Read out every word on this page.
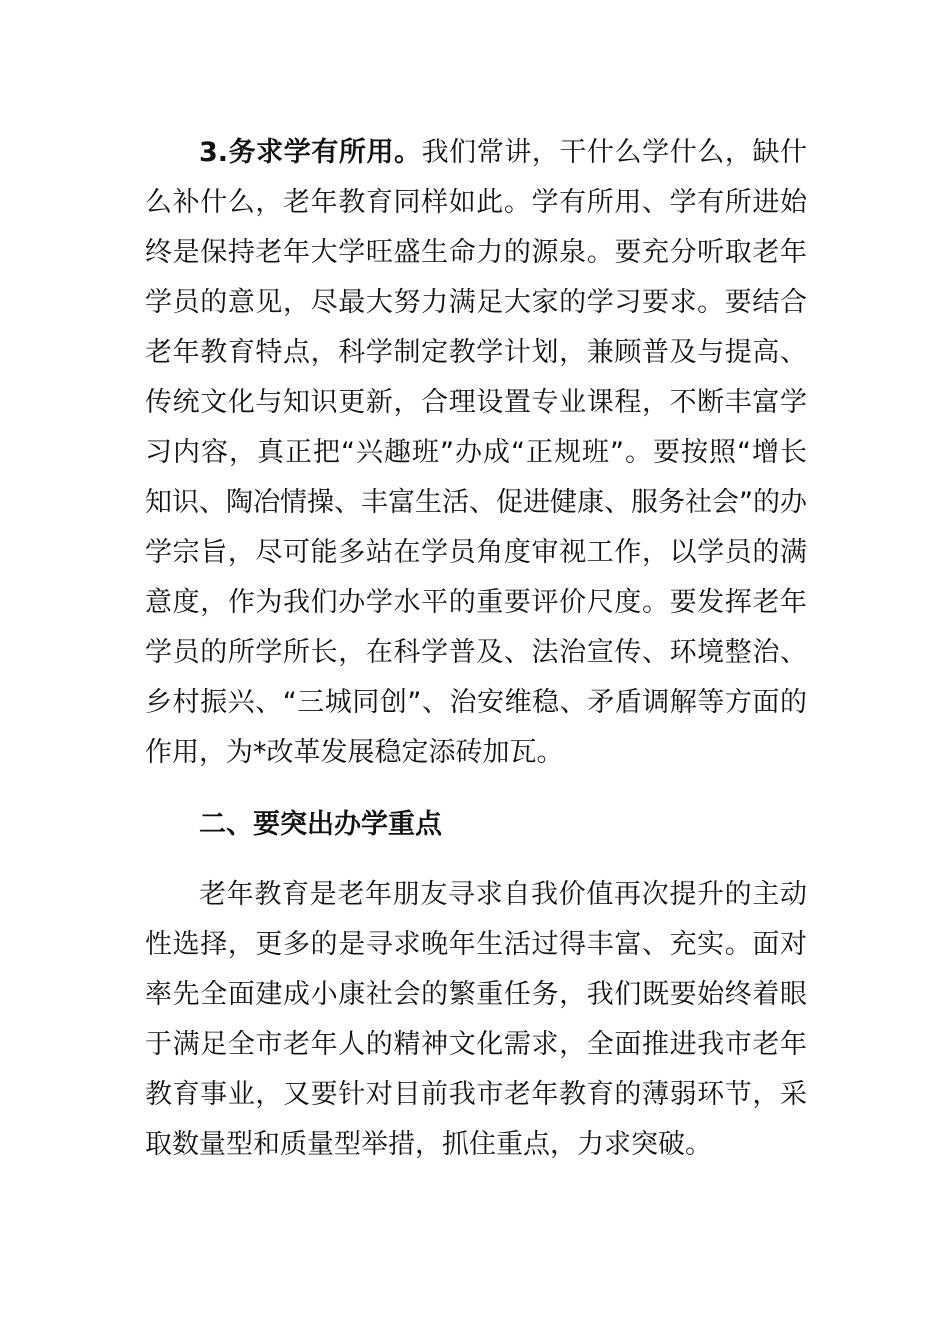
3.务求学有所用。我们常讲，干什么学什么，缺什么补什么，老年教育同样如此。学有所用、学有所进始终是保持老年大学旺盛生命力的源泉。要充分听取老年学员的意见，尽最大努力满足大家的学习要求。要结合老年教育特点，科学制定教学计划，兼顾普及与提高、传统文化与知识更新，合理设置专业课程，不断丰富学习内容，真正把“兴趣班”办成“正规班”。要按照“增长知识、陶冶情操、丰富生活、促进健康、服务社会”的办学宗旨，尽可能多站在学员角度审视工作，以学员的满意度，作为我们办学水平的重要评价尺度。要发挥老年学员的所学所长，在科学普及、法治宣传、环境整治、乡村振兴、“三城同创”、治安维稳、矛盾调解等方面的作用，为*改革发展稳定添砖加瓦。

二、要突出办学重点

老年教育是老年朋友寻求自我价值再次提升的主动性选择，更多的是寻求晚年生活过得丰富、充实。面对率先全面建成小康社会的繁重任务，我们既要始终着眼于满足全市老年人的精神文化需求，全面推进我市老年教育事业，又要针对目前我市老年教育的薄弱环节，采取数量型和质量型举措，抓住重点，力求突破。
